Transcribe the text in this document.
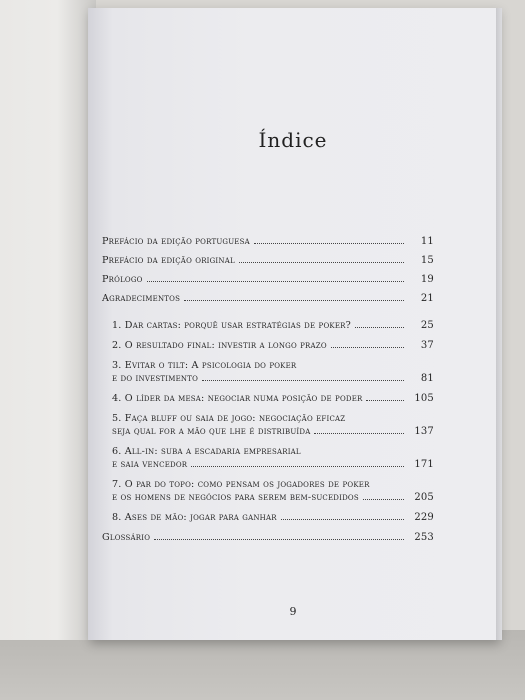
Índice
Prefácio da edição portuguesa	11
Prefácio da edição original	15
Prólogo	19
Agradecimentos	21
1. Dar cartas: porquê usar estratégias de poker?	25
2. O resultado final: investir a longo prazo	37
3. Evitar o tilt: A psicologia do poker
e do investimento	81
4. O líder da mesa: negociar numa posição de poder	105
5. Faça bluff ou saia de jogo: negociação eficaz
seja qual for a mão que lhe é distribuída	137
6. All-in: suba a escadaria empresarial
e saia vencedor	171
7. O par do topo: como pensam os jogadores de poker
e os homens de negócios para serem bem-sucedidos	205
8. Ases de mão: jogar para ganhar	229
Glossário	253
9
